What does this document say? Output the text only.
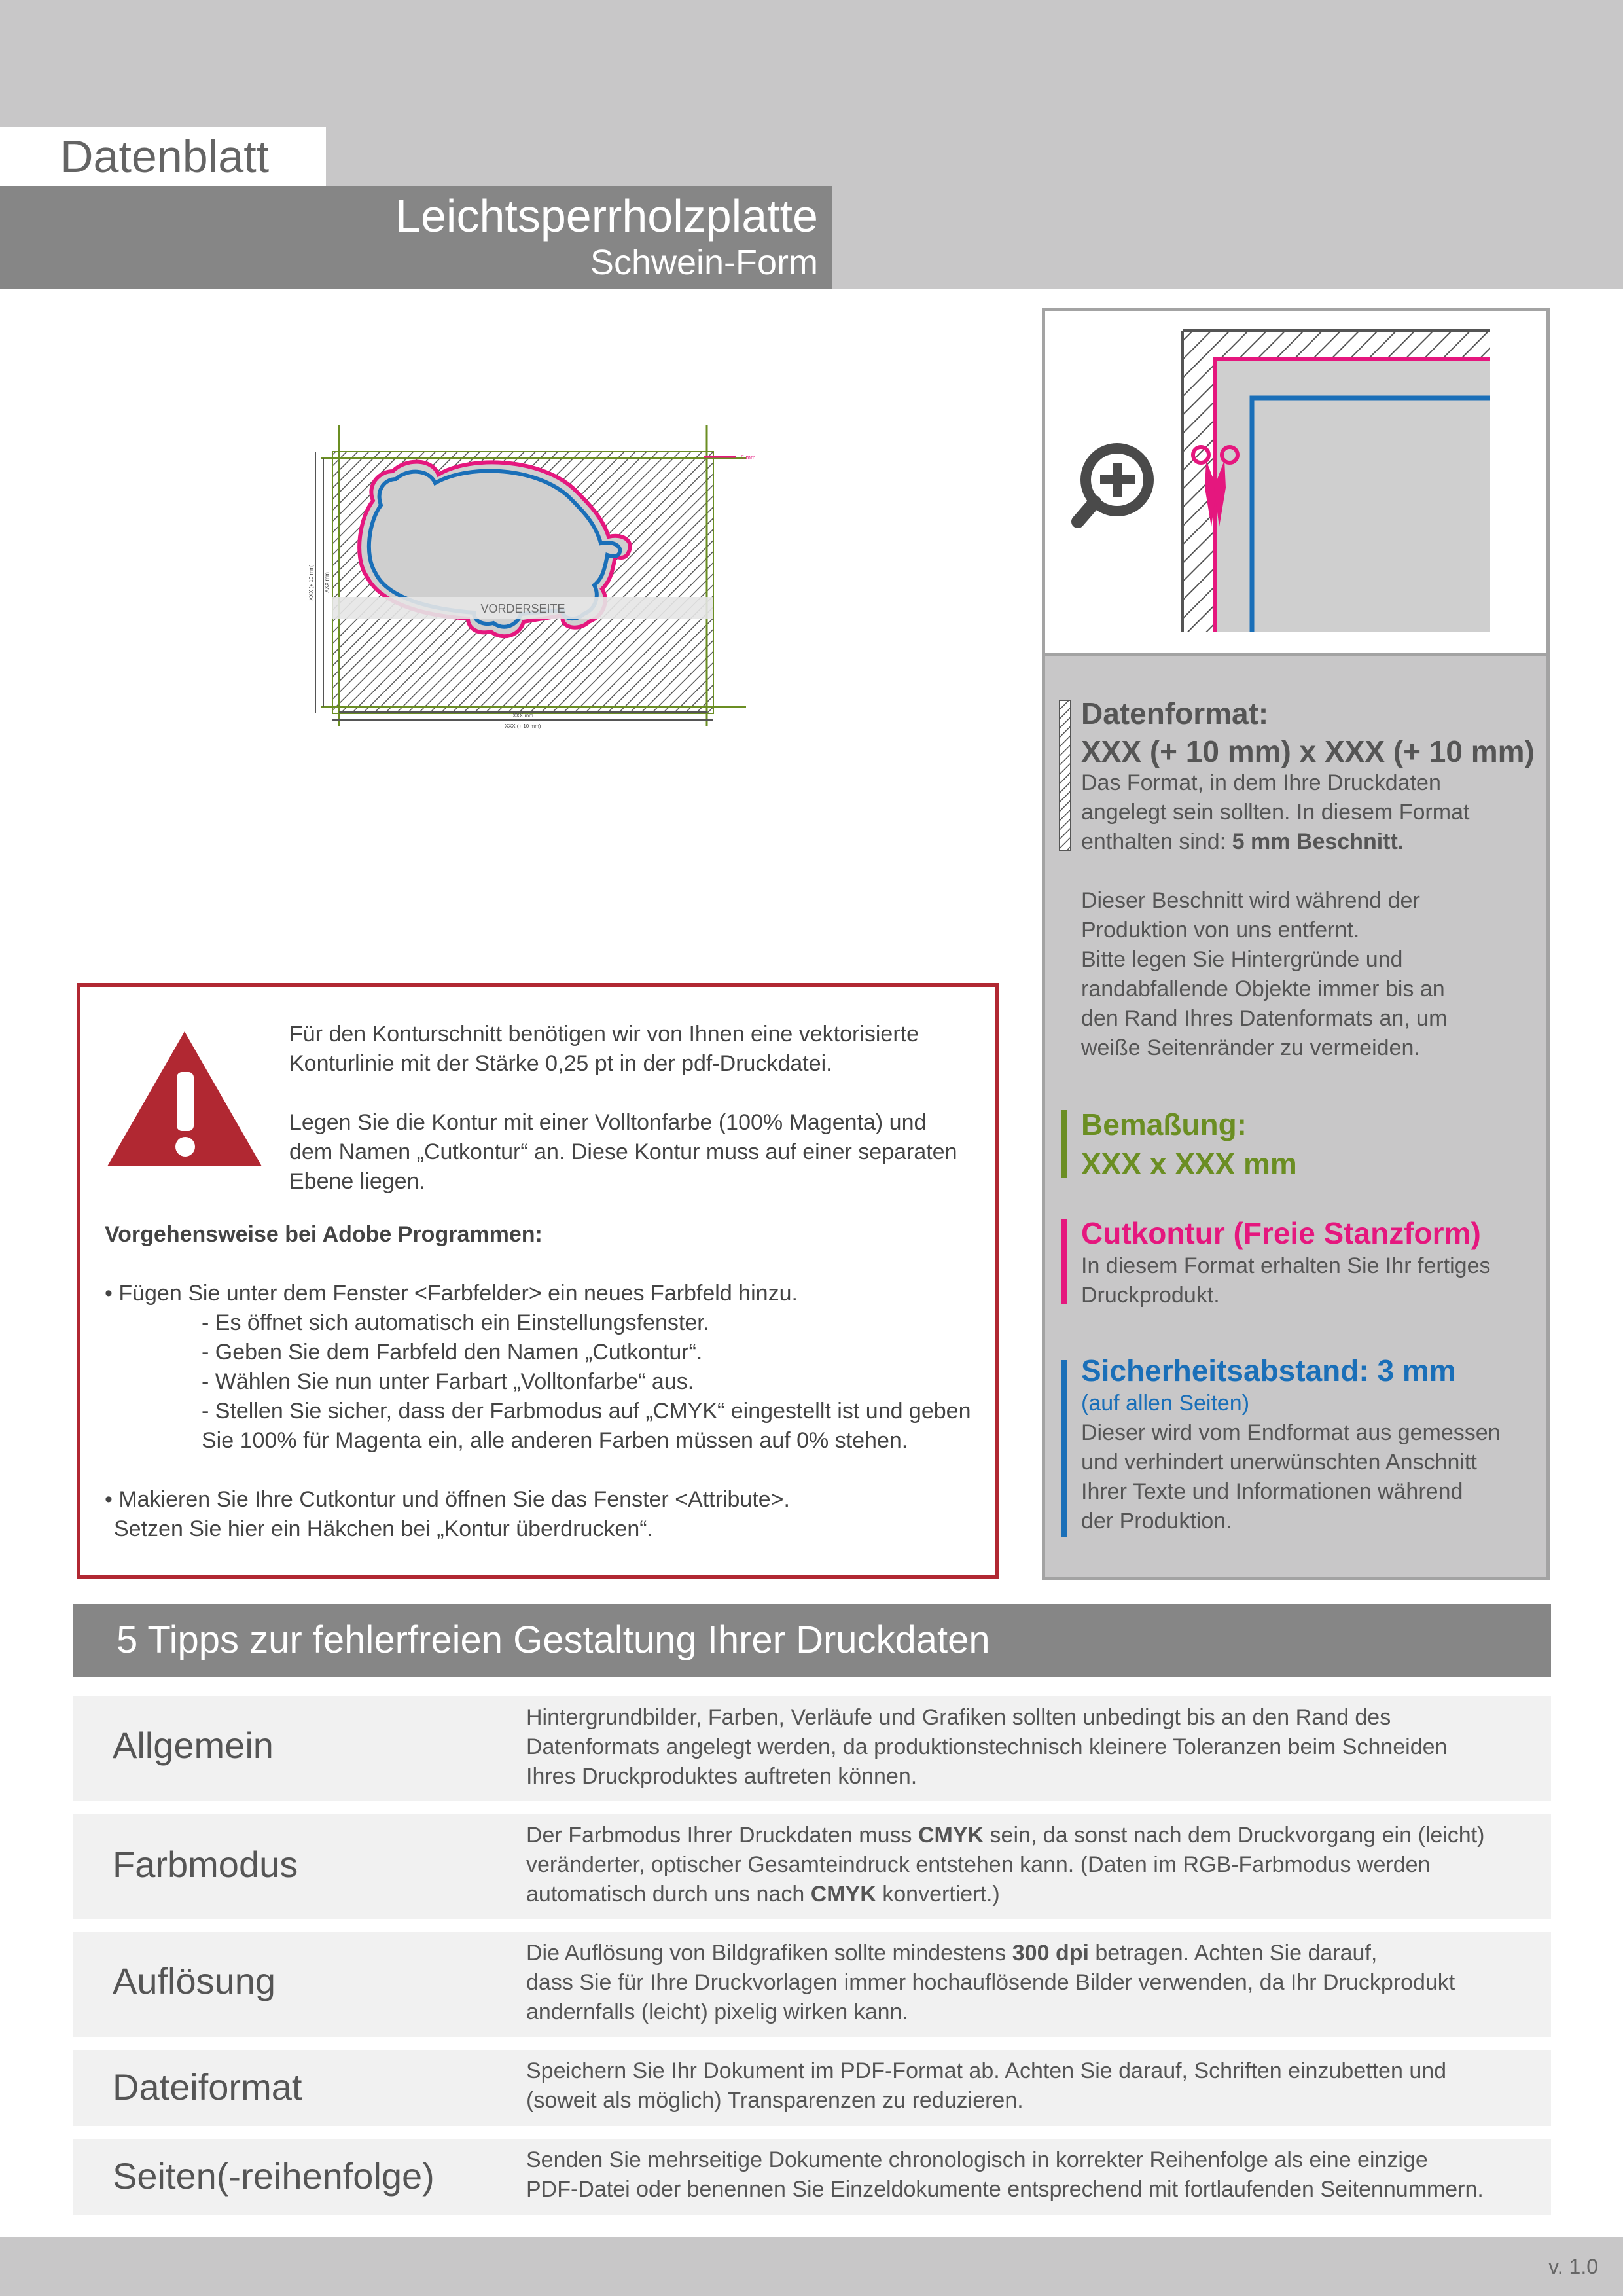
Datenblatt
Leichtsperrholzplatte
Schwein-Form
5 mm
VORDERSEITE
XXX mm
XXX (+ 10 mm)
XXX (+ 10 mm) XXX mm
Datenformat:
XXX (+ 10 mm) x XXX (+ 10 mm)
Das Format, in dem Ihre Druckdaten
angelegt sein sollten. In diesem Format
enthalten sind: 5 mm Beschnitt.
Dieser Beschnitt wird während der
Produktion von uns entfernt.
Bitte legen Sie Hintergründe und
randabfallende Objekte immer bis an
den Rand Ihres Datenformats an, um
weiße Seitenränder zu vermeiden.
Bemaßung:
XXX x XXX mm
Cutkontur (Freie Stanzform)
In diesem Format erhalten Sie Ihr fertiges
Druckprodukt.
Sicherheitsabstand: 3 mm
(auf allen Seiten)
Dieser wird vom Endformat aus gemessen
und verhindert unerwünschten Anschnitt
Ihrer Texte und Informationen während
der Produktion.
Für den Konturschnitt benötigen wir von Ihnen eine vektorisierte
Konturlinie mit der Stärke 0,25 pt in der pdf-Druckdatei.
Legen Sie die Kontur mit einer Volltonfarbe (100% Magenta) und
dem Namen „Cutkontur“ an. Diese Kontur muss auf einer separaten
Ebene liegen.
Vorgehensweise bei Adobe Programmen:
• Fügen Sie unter dem Fenster <Farbfelder> ein neues Farbfeld hinzu.
- Es öffnet sich automatisch ein Einstellungsfenster.
- Geben Sie dem Farbfeld den Namen „Cutkontur“.
- Wählen Sie nun unter Farbart „Volltonfarbe“ aus.
- Stellen Sie sicher, dass der Farbmodus auf „CMYK“ eingestellt ist und geben
Sie 100% für Magenta ein, alle anderen Farben müssen auf 0% stehen.
• Makieren Sie Ihre Cutkontur und öffnen Sie das Fenster <Attribute>.
Setzen Sie hier ein Häkchen bei „Kontur überdrucken“.
5 Tipps zur fehlerfreien Gestaltung Ihrer Druckdaten
Allgemein
Hintergrundbilder, Farben, Verläufe und Grafiken sollten unbedingt bis an den Rand des
Datenformats angelegt werden, da produktionstechnisch kleinere Toleranzen beim Schneiden
Ihres Druckproduktes auftreten können.
Farbmodus
Der Farbmodus Ihrer Druckdaten muss CMYK sein, da sonst nach dem Druckvorgang ein (leicht)
veränderter, optischer Gesamteindruck entstehen kann. (Daten im RGB-Farbmodus werden
automatisch durch uns nach CMYK konvertiert.)
Auflösung
Die Auflösung von Bildgrafiken sollte mindestens 300 dpi betragen. Achten Sie darauf,
dass Sie für Ihre Druckvorlagen immer hochauflösende Bilder verwenden, da Ihr Druckprodukt
andernfalls (leicht) pixelig wirken kann.
Dateiformat	Speichern Sie Ihr Dokument im PDF-Format ab. Achten Sie darauf, Schriften einzubetten und
(soweit als möglich) Transparenzen zu reduzieren.
Seiten(-reihenfolge)	Senden Sie mehrseitige Dokumente chronologisch in korrekter Reihenfolge als eine einzige
PDF-Datei oder benennen Sie Einzeldokumente entsprechend mit fortlaufenden Seitennummern.
v. 1.0
